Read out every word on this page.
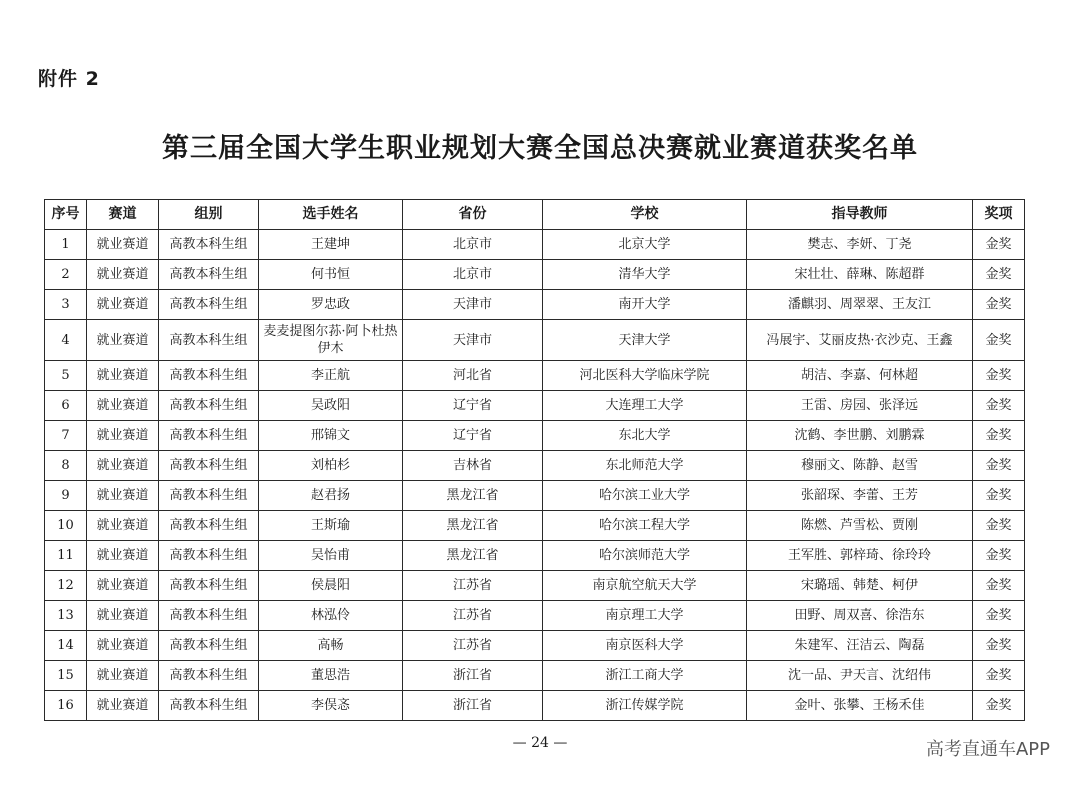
附件 2
第三届全国大学生职业规划大赛全国总决赛就业赛道获奖名单
序号	赛道	组别	选手姓名	省份	学校	指导教师	奖项
1	就业赛道	高教本科生组	王建坤	北京市	北京大学	樊志、李妍、丁尧	金奖
2	就业赛道	高教本科生组	何书恒	北京市	清华大学	宋壮壮、薛琳、陈超群	金奖
3	就业赛道	高教本科生组	罗忠政	天津市	南开大学	潘麒羽、周翠翠、王友江	金奖
4	就业赛道	高教本科生组	麦麦提图尔荪·阿卜杜热伊木	天津市	天津大学	冯展宇、艾丽皮热·衣沙克、王鑫	金奖
5	就业赛道	高教本科生组	李正航	河北省	河北医科大学临床学院	胡洁、李嘉、何林超	金奖
6	就业赛道	高教本科生组	吴政阳	辽宁省	大连理工大学	王雷、房园、张泽远	金奖
7	就业赛道	高教本科生组	邢锦文	辽宁省	东北大学	沈鹤、李世鹏、刘鹏霖	金奖
8	就业赛道	高教本科生组	刘柏杉	吉林省	东北师范大学	穆丽文、陈静、赵雪	金奖
9	就业赛道	高教本科生组	赵君扬	黑龙江省	哈尔滨工业大学	张韶琛、李蕾、王芳	金奖
10	就业赛道	高教本科生组	王斯瑜	黑龙江省	哈尔滨工程大学	陈燃、芦雪松、贾刚	金奖
11	就业赛道	高教本科生组	吴怡甫	黑龙江省	哈尔滨师范大学	王军胜、郭梓琦、徐玲玲	金奖
12	就业赛道	高教本科生组	侯晨阳	江苏省	南京航空航天大学	宋璐瑶、韩楚、柯伊	金奖
13	就业赛道	高教本科生组	林泓伶	江苏省	南京理工大学	田野、周双喜、徐浩东	金奖
14	就业赛道	高教本科生组	高畅	江苏省	南京医科大学	朱建军、汪洁云、陶磊	金奖
15	就业赛道	高教本科生组	董思浩	浙江省	浙江工商大学	沈一品、尹天言、沈绍伟	金奖
16	就业赛道	高教本科生组	李俣忞	浙江省	浙江传媒学院	金叶、张攀、王杨禾佳	金奖
— 24 —	高考直通车APP
